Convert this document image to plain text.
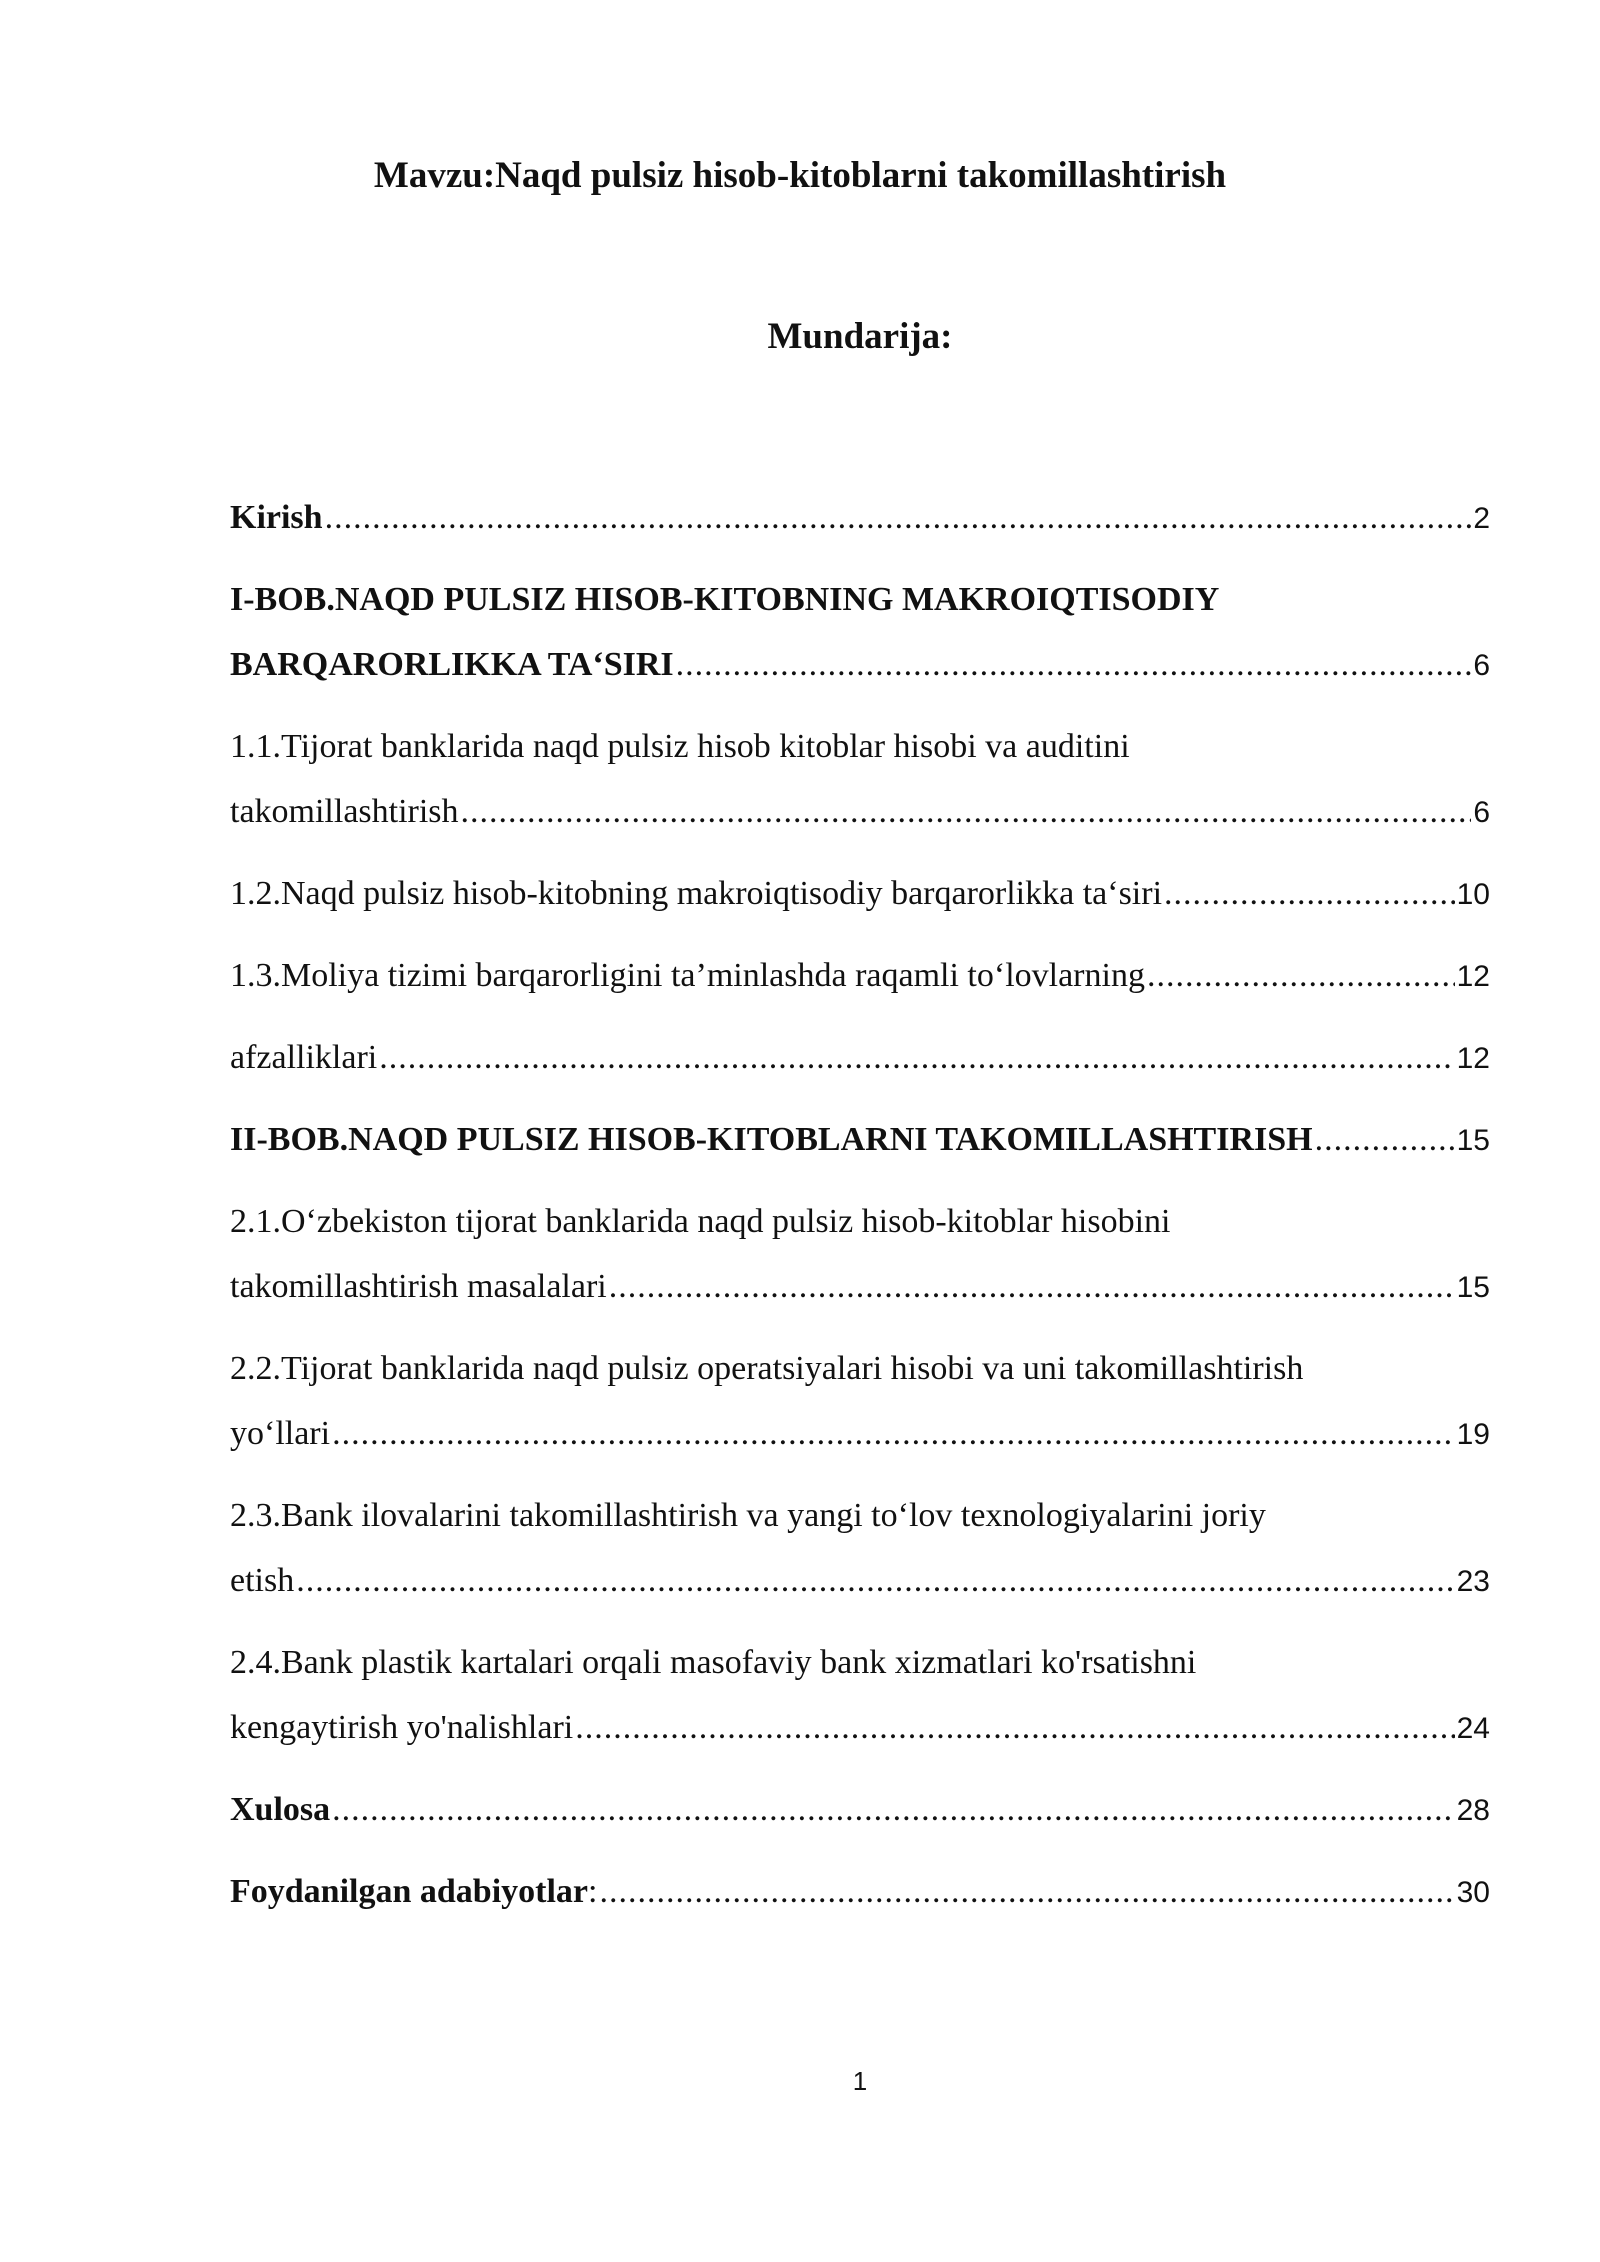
Mavzu:Naqd pulsiz hisob-kitoblarni takomillashtirish
Mundarija:
Kirish .....	2
I-BOB.NAQD PULSIZ HISOB-KITOBNING MAKROIQTISODIY
BARQARORLIKKA TA‘SIRI .....	6
1.1.Tijorat banklarida naqd pulsiz hisob kitoblar hisobi va auditini
takomillashtirish .....	6
1.2.Naqd pulsiz hisob-kitobning makroiqtisodiy barqarorlikka ta‘siri .....	10
1.3.Moliya tizimi barqarorligini ta’minlashda raqamli to‘lovlarning .....	12
afzalliklari .....	12
II-BOB.NAQD PULSIZ HISOB-KITOBLARNI TAKOMILLASHTIRISH .....	15
2.1.O‘zbekiston tijorat banklarida naqd pulsiz hisob-kitoblar hisobini
takomillashtirish masalalari .....	15
2.2.Tijorat banklarida naqd pulsiz operatsiyalari hisobi va uni takomillashtirish
yo‘llari .....	19
2.3.Bank ilovalarini takomillashtirish va yangi to‘lov texnologiyalarini joriy
etish .....	23
2.4.Bank plastik kartalari orqali masofaviy bank xizmatlari ko'rsatishni
kengaytirish yo'nalishlari .....	24
Xulosa .....	28
Foydanilgan adabiyotlar : .....	30
1
